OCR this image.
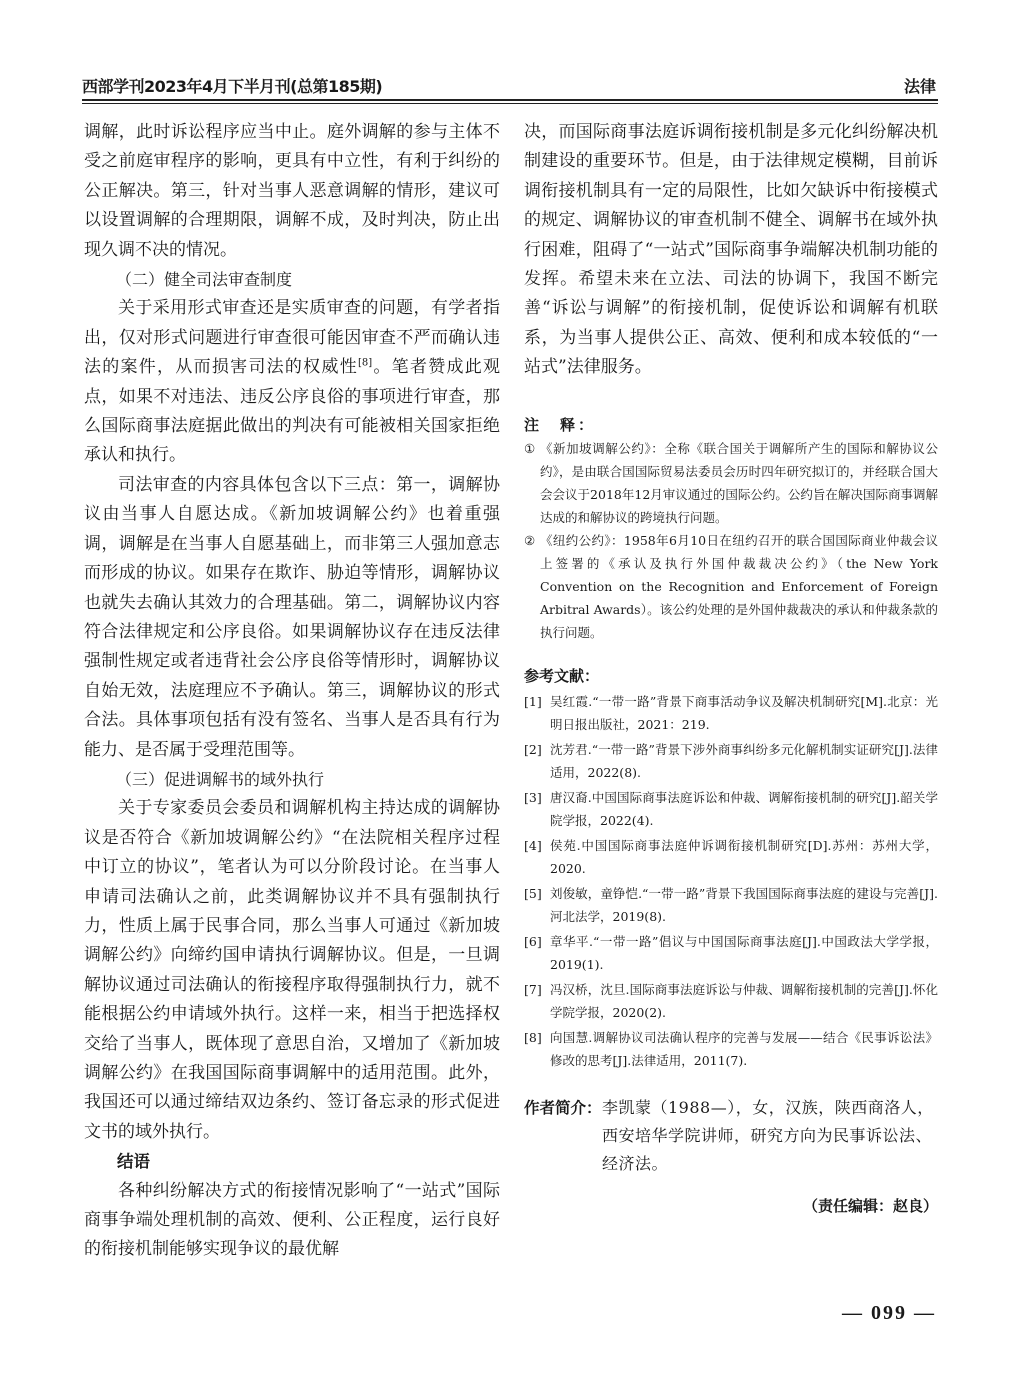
西部学刊2023年4月下半月刊(总第185期)	法律

调解，此时诉讼程序应当中止。庭外调解的参与主体不受之前庭审程序的影响，更具有中立性，有利于纠纷的公正解决。第三，针对当事人恶意调解的情形，建议可以设置调解的合理期限，调解不成，及时判决，防止出现久调不决的情况。

（二）健全司法审查制度

关于采用形式审查还是实质审查的问题，有学者指出，仅对形式问题进行审查很可能因审查不严而确认违法的案件，从而损害司法的权威性[8]。笔者赞成此观点，如果不对违法、违反公序良俗的事项进行审查，那么国际商事法庭据此做出的判决有可能被相关国家拒绝承认和执行。

司法审查的内容具体包含以下三点：第一，调解协议由当事人自愿达成。《新加坡调解公约》也着重强调，调解是在当事人自愿基础上，而非第三人强加意志而形成的协议。如果存在欺诈、胁迫等情形，调解协议也就失去确认其效力的合理基础。第二，调解协议内容符合法律规定和公序良俗。如果调解协议存在违反法律强制性规定或者违背社会公序良俗等情形时，调解协议自始无效，法庭理应不予确认。第三，调解协议的形式合法。具体事项包括有没有签名、当事人是否具有行为能力、是否属于受理范围等。

（三）促进调解书的域外执行

关于专家委员会委员和调解机构主持达成的调解协议是否符合《新加坡调解公约》“在法院相关程序过程中订立的协议”，笔者认为可以分阶段讨论。在当事人申请司法确认之前，此类调解协议并不具有强制执行力，性质上属于民事合同，那么当事人可通过《新加坡调解公约》向缔约国申请执行调解协议。但是，一旦调解协议通过司法确认的衔接程序取得强制执行力，就不能根据公约申请域外执行。这样一来，相当于把选择权交给了当事人，既体现了意思自治，又增加了《新加坡调解公约》在我国国际商事调解中的适用范围。此外，我国还可以通过缔结双边条约、签订备忘录的形式促进文书的域外执行。

结语

各种纠纷解决方式的衔接情况影响了“一站式”国际商事争端处理机制的高效、便利、公正程度，运行良好的衔接机制能够实现争议的最优解

决，而国际商事法庭诉调衔接机制是多元化纠纷解决机制建设的重要环节。但是，由于法律规定模糊，目前诉调衔接机制具有一定的局限性，比如欠缺诉中衔接模式的规定、调解协议的审查机制不健全、调解书在域外执行困难，阻碍了“一站式”国际商事争端解决机制功能的发挥。希望未来在立法、司法的协调下，我国不断完善“诉讼与调解”的衔接机制，促使诉讼和调解有机联系，为当事人提供公正、高效、便利和成本较低的“一站式”法律服务。

注　释：
① 《新加坡调解公约》：全称《联合国关于调解所产生的国际和解协议公约》，是由联合国国际贸易法委员会历时四年研究拟订的，并经联合国大会会议于2018年12月审议通过的国际公约。公约旨在解决国际商事调解达成的和解协议的跨境执行问题。
② 《纽约公约》：1958年6月10日在纽约召开的联合国国际商业仲裁会议上签署的《承认及执行外国仲裁裁决公约》（the New York Convention on the Recognition and Enforcement of Foreign Arbitral Awards）。该公约处理的是外国仲裁裁决的承认和仲裁条款的执行问题。
参考文献：
[1] 吴红霞.“一带一路”背景下商事活动争议及解决机制研究[M].北京：光明日报出版社，2021：219.
[2] 沈芳君.“一带一路”背景下涉外商事纠纷多元化解机制实证研究[J].法律适用，2022(8).
[3] 唐汉裔.中国国际商事法庭诉讼和仲裁、调解衔接机制的研究[J].韶关学院学报，2022(4).
[4] 侯苑.中国国际商事法庭仲诉调衔接机制研究[D].苏州：苏州大学，2020.
[5] 刘俊敏，童铮恺.“一带一路”背景下我国国际商事法庭的建设与完善[J].河北法学，2019(8).
[6] 章华平.“一带一路”倡议与中国国际商事法庭[J].中国政法大学学报，2019(1).
[7] 冯汉桥，沈旦.国际商事法庭诉讼与仲裁、调解衔接机制的完善[J].怀化学院学报，2020(2).
[8] 向国慧.调解协议司法确认程序的完善与发展——结合《民事诉讼法》修改的思考[J].法律适用，2011(7).
作者简介： 李凯蒙（1988—），女，汉族，陕西商洛人，西安培华学院讲师，研究方向为民事诉讼法、经济法。
（责任编辑：赵良）
— 099 —
